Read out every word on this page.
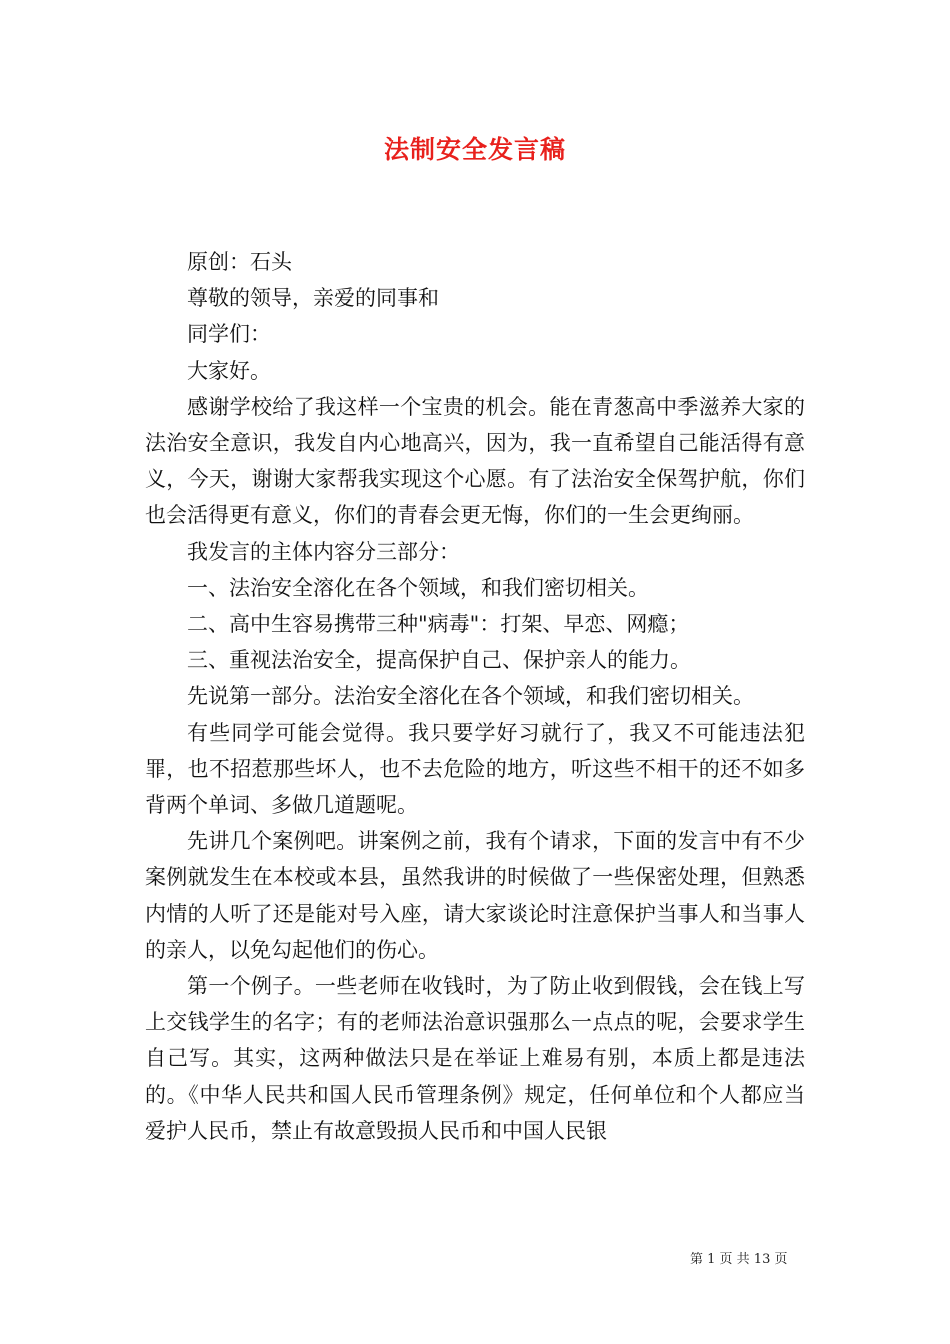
法制安全发言稿

原创：石头

尊敬的领导，亲爱的同事和

同学们：

大家好。

感谢学校给了我这样一个宝贵的机会。能在青葱高中季滋养大家的法治安全意识，我发自内心地高兴，因为，我一直希望自己能活得有意义，今天，谢谢大家帮我实现这个心愿。有了法治安全保驾护航，你们也会活得更有意义，你们的青春会更无悔，你们的一生会更绚丽。

我发言的主体内容分三部分：

一、法治安全溶化在各个领域，和我们密切相关。

二、高中生容易携带三种"病毒"：打架、早恋、网瘾；

三、重视法治安全，提高保护自己、保护亲人的能力。

先说第一部分。法治安全溶化在各个领域，和我们密切相关。

有些同学可能会觉得。我只要学好习就行了，我又不可能违法犯罪，也不招惹那些坏人，也不去危险的地方，听这些不相干的还不如多背两个单词、多做几道题呢。

先讲几个案例吧。讲案例之前，我有个请求，下面的发言中有不少案例就发生在本校或本县，虽然我讲的时候做了一些保密处理，但熟悉内情的人听了还是能对号入座，请大家谈论时注意保护当事人和当事人的亲人，以免勾起他们的伤心。

第一个例子。一些老师在收钱时，为了防止收到假钱，会在钱上写上交钱学生的名字；有的老师法治意识强那么一点点的呢，会要求学生自己写。其实，这两种做法只是在举证上难易有别，本质上都是违法的。《中华人民共和国人民币管理条例》规定，任何单位和个人都应当爱护人民币，禁止有故意毁损人民币和中国人民银

第 1 页 共 13 页
